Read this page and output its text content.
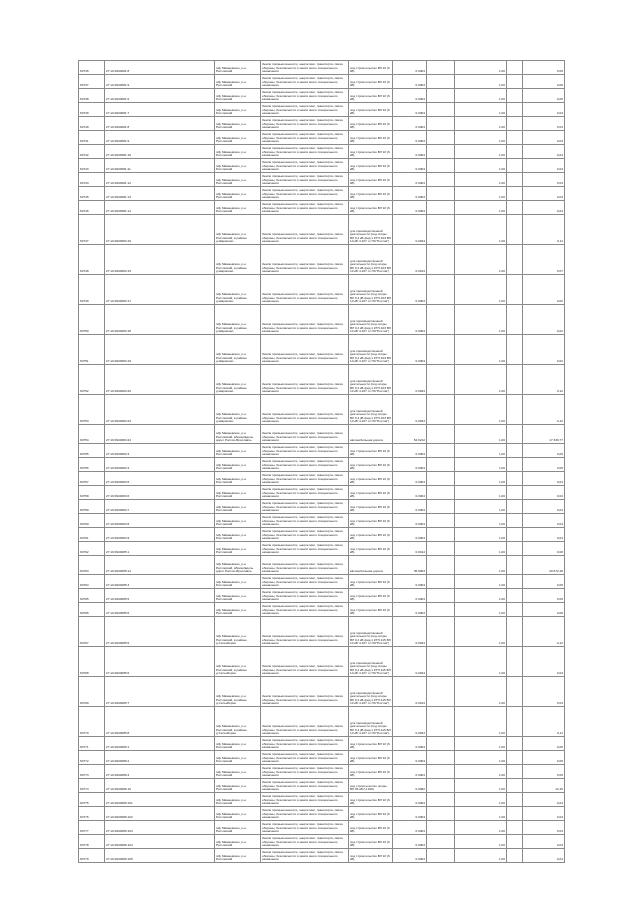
60736	27:10:0940081:8	п/ф Мамаевское, р-н Ростовский	Земли промышленности, энергетики, транспорта, связи, обороны, безопасности и земли иного специального назначения	под строительство ВЛ 10 (6 кВ)	0,0004		1,00		0,05
60737	27:10:0940081:9	п/ф Мамаевское, р-н Ростовский	Земли промышленности, энергетики, транспорта, связи, обороны, безопасности и земли иного специального назначения	под строительство ВЛ 10 (6 кВ)	0,0004		1,00		0,05
60738	27:10:0940081:6	п/ф Мамаевское, р-н Ростовский	Земли промышленности, энергетики, транспорта, связи, обороны, безопасности и земли иного специального назначения	под строительство ВЛ 10 (6 кВ)	0,0004		1,00		0,05
60739	27:10:0940081:7	п/ф Мамаевское, р-н Ростовский	Земли промышленности, энергетики, транспорта, связи, обороны, безопасности и земли иного специального назначения	под строительство ВЛ 10 (6 кВ)	0,0004		1,00		0,04
60740	27:10:0940081:8	п/ф Мамаевское, р-н Ростовский	Земли промышленности, энергетики, транспорта, связи, обороны, безопасности и земли иного специального назначения	под строительство ВЛ 10 (6 кВ)	0,0004		1,00		0,04
60741	27:10:0940081:9	п/ф Мамаевское, р-н Ростовский	Земли промышленности, энергетики, транспорта, связи, обороны, безопасности и земли иного специального назначения	под строительство ВЛ 10 (6 кВ)	0,0004		1,00		0,04
60742	27:10:0940081:10	п/ф Мамаевское, р-н Ростовский	Земли промышленности, энергетики, транспорта, связи, обороны, безопасности и земли иного специального назначения	под строительство ВЛ 10 (6 кВ)	0,0004		1,00		0,04
60743	27:10:0940081:11	п/ф Мамаевское, р-н Ростовский	Земли промышленности, энергетики, транспорта, связи, обороны, безопасности и земли иного специального назначения	под строительство ВЛ 10 (6 кВ)	0,0004		1,00		0,04
60744	27:10:0940081:12	п/ф Мамаевское, р-н Ростовский	Земли промышленности, энергетики, транспорта, связи, обороны, безопасности и земли иного специального назначения	под строительство ВЛ 10 (6 кВ)	0,0004		1,00		0,04
60745	27:10:0940081:13	п/ф Мамаевское, р-н Ростовский	Земли промышленности, энергетики, транспорта, связи, обороны, безопасности и земли иного специального назначения	под строительство ВЛ 10 (6 кВ)	0,0004		1,00		0,04
60746	27:10:0940081:14	п/ф Мамаевское, р-н Ростовский	Земли промышленности, энергетики, транспорта, связи, обороны, безопасности и земли иного специального назначения	под строительство ВЛ 10 (6 кВ)	0,0004		1,00		0,04
60747	27:10:0940084:16	п/ф Мамаевское, р-н Ростовский, в районе д.Шарапово	Земли промышленности, энергетики, транспорта, связи, обороны, безопасности и земли иного специального назначения	для производственной деятельности (под опоры ВЛ 0,4 кВ фид.1 КТП-103 ВЛ 10 кВ Ч-107 от ПС"Ростов")	0,0024		1,00		0,11
60748	27:10:0940084:15	п/ф Мамаевское, р-н Ростовский, в районе д.Шарапово	Земли промышленности, энергетики, транспорта, связи, обороны, безопасности и земли иного специального назначения	для производственной деятельности (под опоры ВЛ 0,4 кВ фид.1 КТП-103 ВЛ 10 кВ Ч-107 от ПС"Ростов")	0,0014		1,00		0,07
60749	27:10:0940084:17	п/ф Мамаевское, р-н Ростовский, в районе д.Шарапово	Земли промышленности, энергетики, транспорта, связи, обороны, безопасности и земли иного специального назначения	для производственной деятельности (под опоры ВЛ 0,4 кВ фид.1 КТП-103 ВЛ 10 кВ Ч-107 от ПС"Ростов")	0,0004		1,00		0,02
60750	27:10:0940084:18	п/ф Мамаевское, р-н Ростовский, в районе д.Шарапово	Земли промышленности, энергетики, транспорта, связи, обороны, безопасности и земли иного специального назначения	для производственной деятельности (под опоры ВЛ 0,4 кВ фид.1 КТП-103 ВЛ 10 кВ Ч-107 от ПС"Ростов")	0,0004		1,00		0,02
60751	27:10:0940084:19	п/ф Мамаевское, р-н Ростовский, в районе д.Шарапово	Земли промышленности, энергетики, транспорта, связи, обороны, безопасности и земли иного специального назначения	для производственной деятельности (под опоры ВЛ 0,4 кВ фид.1 КТП-103 ВЛ 10 кВ Ч-107 от ПС"Ростов")	0,0004		1,00		0,02
60752	27:10:0940084:20	п/ф Мамаевское, р-н Ростовский, в районе д.Шарапово	Земли промышленности, энергетики, транспорта, связи, обороны, безопасности и земли иного специального назначения	для производственной деятельности (под опоры ВЛ 0,4 кВ фид.1 КТП-103 ВЛ 10 кВ Ч-107 от ПС"Ростов")	0,0024		1,00		0,12
60753	27:10:0940084:23	п/ф Мамаевское, р-н Ростовский, в районе д.Шарапово	Земли промышленности, энергетики, транспорта, связи, обороны, безопасности и земли иного специального назначения	для производственной деятельности (под опоры ВЛ 0,4 кВ фид.1 КТП-103 ВЛ 10 кВ Ч-107 от ПС"Ростов")	0,0024		1,00		0,12
60754	27:10:0940084:24	п/ф Мамаевское, р-н Ростовский, вблизи/вдоль дорог Ростов-Ярославль	Земли промышленности, энергетики, транспорта, связи, обороны, безопасности и земли иного специального назначения	автомобильная дорога	54,6212		1,00		17 339,77
60755	27:10:0940084:3	п/ф Мамаевское, р-н Ростовский	Земли промышленности, энергетики, транспорта, связи, обороны, безопасности и земли иного специального назначения	под строительство ВЛ 10 (6 кВ)	0,0004		1,00		0,05
60756	27:10:0940084:4	п/ф Мамаевское, р-н Ростовский	Земли промышленности, энергетики, транспорта, связи, обороны, безопасности и земли иного специального назначения	под строительство ВЛ 10 (6 кВ)	0,0004		1,00		0,05
60757	27:10:0940084:5	п/ф Мамаевское, р-н Ростовский	Земли промышленности, энергетики, транспорта, связи, обороны, безопасности и земли иного специального назначения	под строительство ВЛ 10 (6 кВ)	0,0004		1,00		0,04
60758	27:10:0940084:6	п/ф Мамаевское, р-н Ростовский	Земли промышленности, энергетики, транспорта, связи, обороны, безопасности и земли иного специального назначения	под строительство ВЛ 10 (6 кВ)	0,0004		1,00		0,04
60759	27:10:0940084:7	п/ф Мамаевское, р-н Ростовский	Земли промышленности, энергетики, транспорта, связи, обороны, безопасности и земли иного специального назначения	под строительство ВЛ 10 (6 кВ)	0,0004		1,00		0,04
60760	27:10:0940084:8	п/ф Мамаевское, р-н Ростовский	Земли промышленности, энергетики, транспорта, связи, обороны, безопасности и земли иного специального назначения	под строительство ВЛ 10 (6 кВ)	0,0004		1,00		0,04
60761	27:10:0940084:9	п/ф Мамаевское, р-н Ростовский	Земли промышленности, энергетики, транспорта, связи, обороны, безопасности и земли иного специального назначения	под строительство ВЛ 10 (6 кВ)	0,0004		1,00		0,04
60762	27:10:0940085:1	п/ф Мамаевское, р-н Ростовский	Земли промышленности, энергетики, транспорта, связи, обороны, безопасности и земли иного специального назначения	под строительство ВЛ 10 (6 кВ)	0,0014		1,00		0,08
60763	27:10:0940085:14	п/ф Мамаевское, р-н Ростовский, вблизи/вдоль дорог Ростов-Ярославль	Земли промышленности, энергетики, транспорта, связи, обороны, безопасности и земли иного специального назначения	автомобильная дорога	35,6903		1,00		20 672,18
60764	27:10:0940085:3	п/ф Мамаевское, р-н Ростовский	Земли промышленности, энергетики, транспорта, связи, обороны, безопасности и земли иного специального назначения	под строительство ВЛ 10 (6 кВ)	0,0004		1,00		0,05
60765	27:10:0940085:5	п/ф Мамаевское, р-н Ростовский	Земли промышленности, энергетики, транспорта, связи, обороны, безопасности и земли иного специального назначения	под строительство ВЛ 10 (6 кВ)	0,0004		1,00		0,05
60766	27:10:0940085:6	п/ф Мамаевское, р-н Ростовский	Земли промышленности, энергетики, транспорта, связи, обороны, безопасности и земли иного специального назначения	под строительство ВЛ 10 (6 кВ)	0,0004		1,00		0,05
60767	27:10:0940085:5	п/ф Мамаевское, р-н Ростовский, в районе д.Сатенберка	Земли промышленности, энергетики, транспорта, связи, обороны, безопасности и земли иного специального назначения	для производственной деятельности (под опоры ВЛ 0,4 кВ фид.1 КТП-115 ВЛ 10 кВ Ч-107 от ПС"Ростов")	0,0024		1,00		0,12
60768	27:10:0940085:6	п/ф Мамаевское, р-н Ростовский, в районе д.Сатенберка	Земли промышленности, энергетики, транспорта, связи, обороны, безопасности и земли иного специального назначения	для производственной деятельности (под опоры ВЛ 0,4 кВ фид.1 КТП-115 ВЛ 10 кВ Ч-107 от ПС"Ростов")	0,0024		1,00		0,04
60769	27:10:0940085:7	п/ф Мамаевское, р-н Ростовский, в районе д.Сатенберка	Земли промышленности, энергетики, транспорта, связи, обороны, безопасности и земли иного специального назначения	для производственной деятельности (под опоры ВЛ 0,4 кВ фид.1 КТП-115 ВЛ 10 кВ Ч-107 от ПС"Ростов")	0,0014		1,00		0,04
60770	27:10:0940085:8	п/ф Мамаевское, р-н Ростовский, в районе д.Сатенберка	Земли промышленности, энергетики, транспорта, связи, обороны, безопасности и земли иного специального назначения	для производственной деятельности (под опоры ВЛ 0,4 кВ фид.1 КТП-115 ВЛ 10 кВ Ч-107 от ПС"Ростов")	0,0024		1,00		0,11
60771	27:10:0940086:1	п/ф Мамаевское, р-н Ростовский	Земли промышленности, энергетики, транспорта, связи, обороны, безопасности и земли иного специального назначения	под строительство ВЛ 10 (6 кВ)	0,0004		1,00		0,05
60772	27:10:0940086:2	п/ф Мамаевское, р-н Ростовский	Земли промышленности, энергетики, транспорта, связи, обороны, безопасности и земли иного специального назначения	под строительство ВЛ 10 (6 кВ)	0,0004		1,00		0,05
60773	27:10:0940086:3	п/ф Мамаевское, р-н Ростовский	Земли промышленности, энергетики, транспорта, связи, обороны, безопасности и земли иного специального назначения	под строительство ВЛ 10 (6 кВ)	0,0004		1,00		0,05
60774	27:10:0940086:16	п/ф Мамаевское, р-н Ростовский	Земли промышленности, энергетики, транспорта, связи, обороны, безопасности и земли иного специального назначения	под строительство опоры ВЛ 35 кВ (Ч-109)	0,0082		1,00		12,15
60775	27:10:0940086:101	п/ф Мамаевское, р-н Ростовский	Земли промышленности, энергетики, транспорта, связи, обороны, безопасности и земли иного специального назначения	под строительство ВЛ 10 (6 кВ)	0,0004		1,00		0,04
60776	27:10:0940086:102	п/ф Мамаевское, р-н Ростовский	Земли промышленности, энергетики, транспорта, связи, обороны, безопасности и земли иного специального назначения	под строительство ВЛ 10 (6 кВ)	0,0004		1,00		0,04
60777	27:10:0940086:103	п/ф Мамаевское, р-н Ростовский	Земли промышленности, энергетики, транспорта, связи, обороны, безопасности и земли иного специального назначения	под строительство ВЛ 10 (6 кВ)	0,0004		1,00		0,04
60778	27:10:0940086:104	п/ф Мамаевское, р-н Ростовский	Земли промышленности, энергетики, транспорта, связи, обороны, безопасности и земли иного специального назначения	под строительство ВЛ 10 (6 кВ)	0,0004		1,00		0,04
60779	27:10:0940086:105	п/ф Мамаевское, р-н Ростовский	Земли промышленности, энергетики, транспорта, связи, обороны, безопасности и земли иного специального назначения	под строительство ВЛ 10 (6 кВ)	0,0004		1,00		0,04
